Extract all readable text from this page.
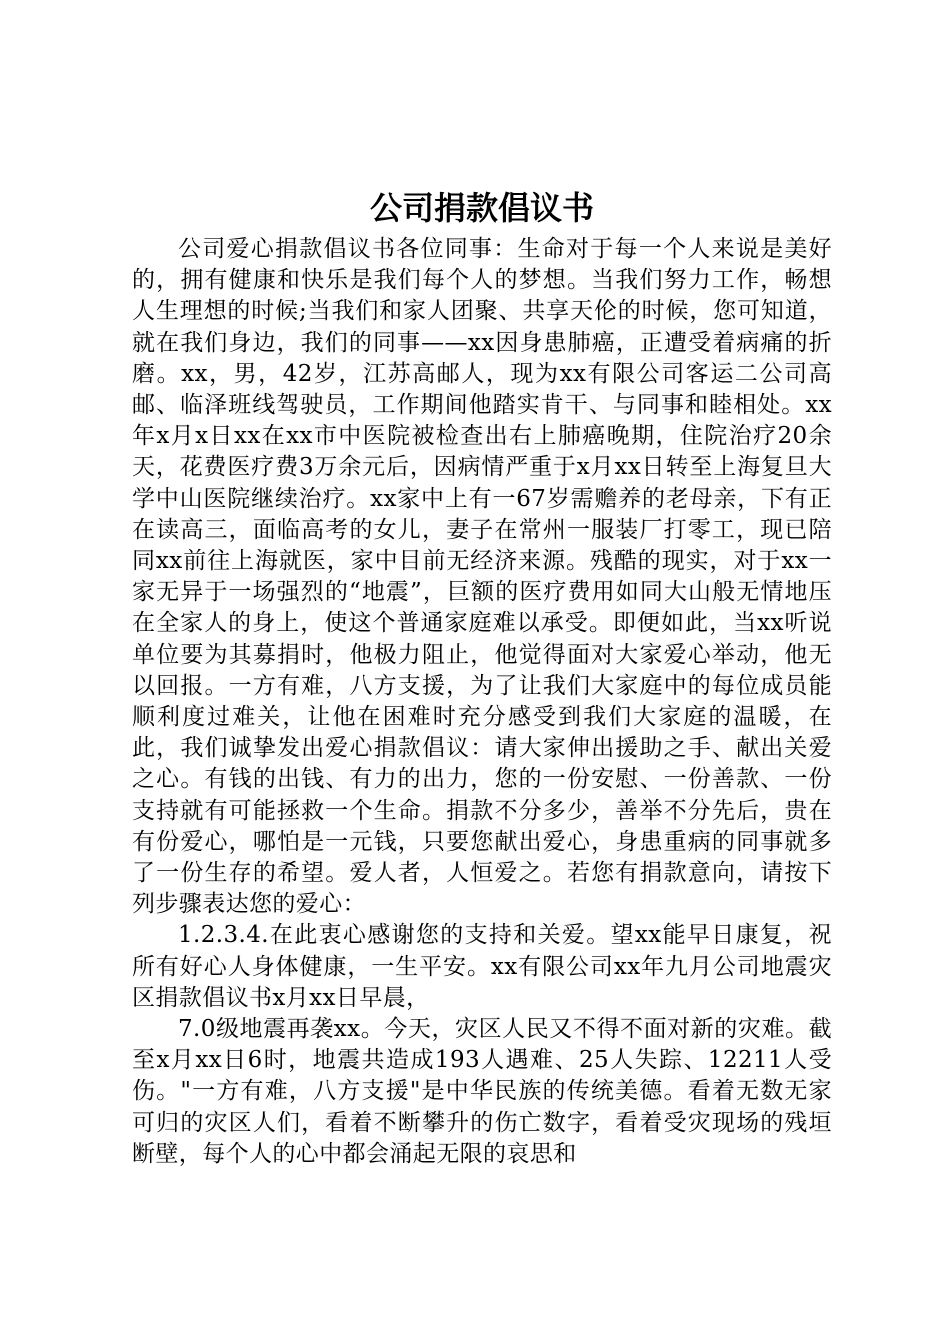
公司捐款倡议书

公司爱心捐款倡议书各位同事：生命对于每一个人来说是美好的，拥有健康和快乐是我们每个人的梦想。当我们努力工作，畅想人生理想的时候;当我们和家人团聚、共享天伦的时候，您可知道，就在我们身边，我们的同事——xx因身患肺癌，正遭受着病痛的折磨。xx，男，42岁，江苏高邮人，现为xx有限公司客运二公司高邮、临泽班线驾驶员，工作期间他踏实肯干、与同事和睦相处。xx年x月x日xx在xx市中医院被检查出右上肺癌晚期，住院治疗20余天，花费医疗费3万余元后，因病情严重于x月xx日转至上海复旦大学中山医院继续治疗。xx家中上有一67岁需赡养的老母亲，下有正在读高三，面临高考的女儿，妻子在常州一服装厂打零工，现已陪同xx前往上海就医，家中目前无经济来源。残酷的现实，对于xx一家无异于一场强烈的“地震”，巨额的医疗费用如同大山般无情地压在全家人的身上，使这个普通家庭难以承受。即便如此，当xx听说单位要为其募捐时，他极力阻止，他觉得面对大家爱心举动，他无以回报。一方有难，八方支援，为了让我们大家庭中的每位成员能顺利度过难关，让他在困难时充分感受到我们大家庭的温暖，在此，我们诚挚发出爱心捐款倡议：请大家伸出援助之手、献出关爱之心。有钱的出钱、有力的出力，您的一份安慰、一份善款、一份支持就有可能拯救一个生命。捐款不分多少，善举不分先后，贵在有份爱心，哪怕是一元钱，只要您献出爱心，身患重病的同事就多了一份生存的希望。爱人者，人恒爱之。若您有捐款意向，请按下列步骤表达您的爱心：

1.2.3.4.在此衷心感谢您的支持和关爱。望xx能早日康复，祝所有好心人身体健康，一生平安。xx有限公司xx年九月公司地震灾区捐款倡议书x月xx日早晨，

7.0级地震再袭xx。今天，灾区人民又不得不面对新的灾难。截至x月xx日6时，地震共造成193人遇难、25人失踪、12211人受伤。"一方有难，八方支援"是中华民族的传统美德。看着无数无家可归的灾区人们，看着不断攀升的伤亡数字，看着受灾现场的残垣断壁，每个人的心中都会涌起无限的哀思和
